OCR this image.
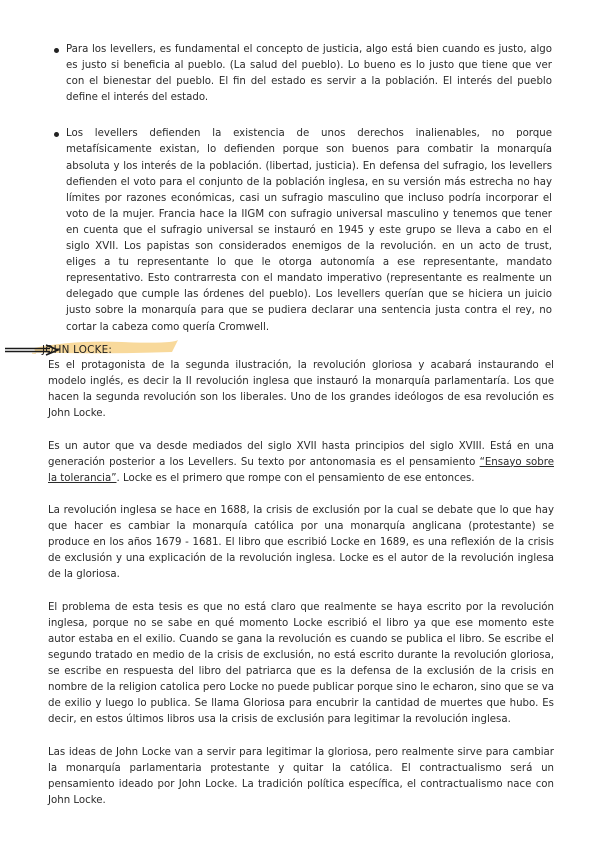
Para los levellers, es fundamental el concepto de justicia, algo está bien cuando es justo, algo es justo si beneficia al pueblo. (La salud del pueblo). Lo bueno es lo justo que tiene que ver con el bienestar del pueblo. El fin del estado es servir a la población. El interés del pueblo define el interés del estado.

Los levellers defienden la existencia de unos derechos inalienables, no porque metafísicamente existan, lo defienden porque son buenos para combatir la monarquía absoluta y los interés de la población. (libertad, justicia). En defensa del sufragio, los levellers defienden el voto para el conjunto de la población inglesa, en su versión más estrecha no hay límites por razones económicas, casi un sufragio masculino que incluso podría incorporar el voto de la mujer. Francia hace la IIGM con sufragio universal masculino y tenemos que tener en cuenta que el sufragio universal se instauró en 1945 y este grupo se lleva a cabo en el siglo XVII. Los papistas son considerados enemigos de la revolución. en un acto de trust, eliges a tu representante lo que le otorga autonomía a ese representante, mandato representativo. Esto contrarresta con el mandato imperativo (representante es realmente un delegado que cumple las órdenes del pueblo). Los levellers querían que se hiciera un juicio justo sobre la monarquía para que se pudiera declarar una sentencia justa contra el rey, no cortar la cabeza como quería Cromwell.

JOHN LOCKE:

Es el protagonista de la segunda ilustración, la revolución gloriosa y acabará instaurando el modelo inglés, es decir la II revolución inglesa que instauró la monarquía parlamentaría. Los que hacen la segunda revolución son los liberales. Uno de los grandes ideólogos de esa revolución es John Locke.

Es un autor que va desde mediados del siglo XVII hasta principios del siglo XVIII. Está en una generación posterior a los Levellers. Su texto por antonomasia es el pensamiento “Ensayo sobre la tolerancia”. Locke es el primero que rompe con el pensamiento de ese entonces.

La revolución inglesa se hace en 1688, la crisis de exclusión por la cual se debate que lo que hay que hacer es cambiar la monarquía católica por una monarquía anglicana (protestante) se produce en los años 1679 - 1681. El libro que escribió Locke en 1689, es una reflexión de la crisis de exclusión y una explicación de la revolución inglesa. Locke es el autor de la revolución inglesa de la gloriosa.

El problema de esta tesis es que no está claro que realmente se haya escrito por la revolución inglesa, porque no se sabe en qué momento Locke escribió el libro ya que ese momento este autor estaba en el exilio. Cuando se gana la revolución es cuando se publica el libro. Se escribe el segundo tratado en medio de la crisis de exclusión, no está escrito durante la revolución gloriosa, se escribe en respuesta del libro del patriarca que es la defensa de la exclusión de la crisis en nombre de la religion catolica pero Locke no puede publicar porque sino le echaron, sino que se va de exilio y luego lo publica. Se llama Gloriosa para encubrir la cantidad de muertes que hubo. Es decir, en estos últimos libros usa la crisis de exclusión para legitimar la revolución inglesa.

Las ideas de John Locke van a servir para legitimar la gloriosa, pero realmente sirve para cambiar la monarquía parlamentaria protestante y quitar la católica. El contractualismo será un pensamiento ideado por John Locke. La tradición política específica, el contractualismo nace con John Locke.
